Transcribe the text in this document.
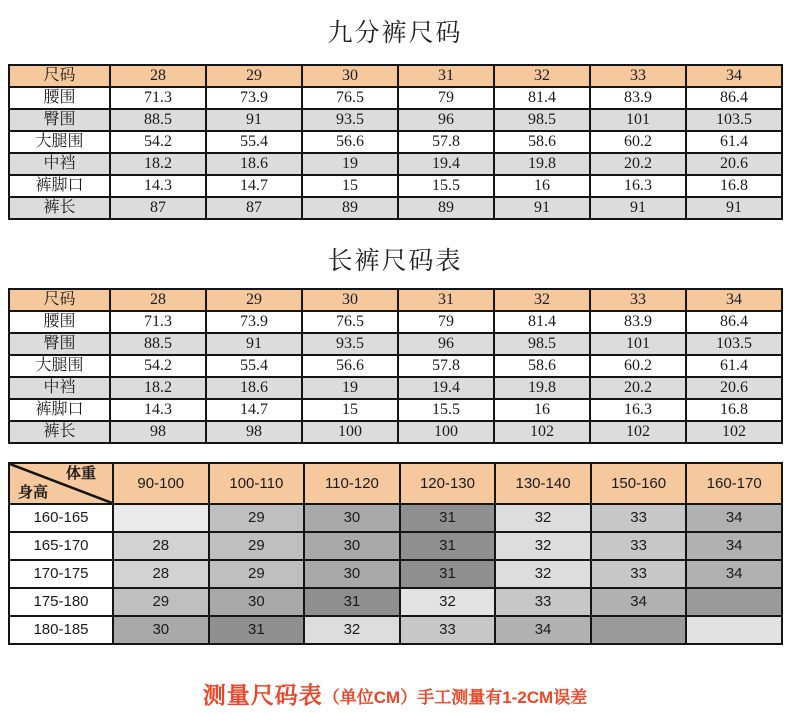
九分裤尺码
尺码	28	29	30	31	32	33	34
腰围	71.3	73.9	76.5	79	81.4	83.9	86.4
臀围	88.5	91	93.5	96	98.5	101	103.5
大腿围	54.2	55.4	56.6	57.8	58.6	60.2	61.4
中裆	18.2	18.6	19	19.4	19.8	20.2	20.6
裤脚口	14.3	14.7	15	15.5	16	16.3	16.8
裤长	87	87	89	89	91	91	91
长裤尺码表
尺码	28	29	30	31	32	33	34
腰围	71.3	73.9	76.5	79	81.4	83.9	86.4
臀围	88.5	91	93.5	96	98.5	101	103.5
大腿围	54.2	55.4	56.6	57.8	58.6	60.2	61.4
中裆	18.2	18.6	19	19.4	19.8	20.2	20.6
裤脚口	14.3	14.7	15	15.5	16	16.3	16.8
裤长	98	98	100	100	102	102	102
体重
身高	90-100	100-110	110-120	120-130	130-140	150-160	160-170
160-165		29	30	31	32	33	34
165-170	28	29	30	31	32	33	34
170-175	28	29	30	31	32	33	34
175-180	29	30	31	32	33	34	
180-185	30	31	32	33	34		
测量尺码表（单位CM）手工测量有1-2CM误差
